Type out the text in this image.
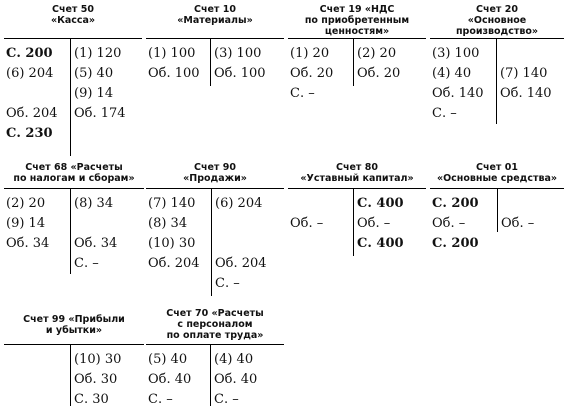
Счет 50
«Касса»
С. 200
(6) 204
Об. 204
С. 230
(1) 120
(5) 40
(9) 14
Об. 174
Счет 10
«Материалы»
(1) 100
Об. 100
(3) 100
Об. 100
Счет 19 «НДС
по приобретенным
ценностям»
(1) 20
Об. 20
С. –
(2) 20
Об. 20
Счет 20
«Основное
производство»
(3) 100
(4) 40
Об. 140
С. –
(7) 140
Об. 140
Счет 68 «Расчеты
по налогам и сборам»
(2) 20
(9) 14
Об. 34
(8) 34
Об. 34
С. –
Счет 90
«Продажи»
(7) 140
(8) 34
(10) 30
Об. 204
(6) 204
Об. 204
С. –
Счет 80
«Уставный капитал»
Об. –
С. 400
Об. –
С. 400
Счет 01
«Основные средства»
С. 200
Об. –
С. 200
Об. –
Счет 99 «Прибыли
и убытки»
(10) 30
Об. 30
С. 30
Счет 70 «Расчеты
с персоналом
по оплате труда»
(5) 40
Об. 40
С. –
(4) 40
Об. 40
С. –
